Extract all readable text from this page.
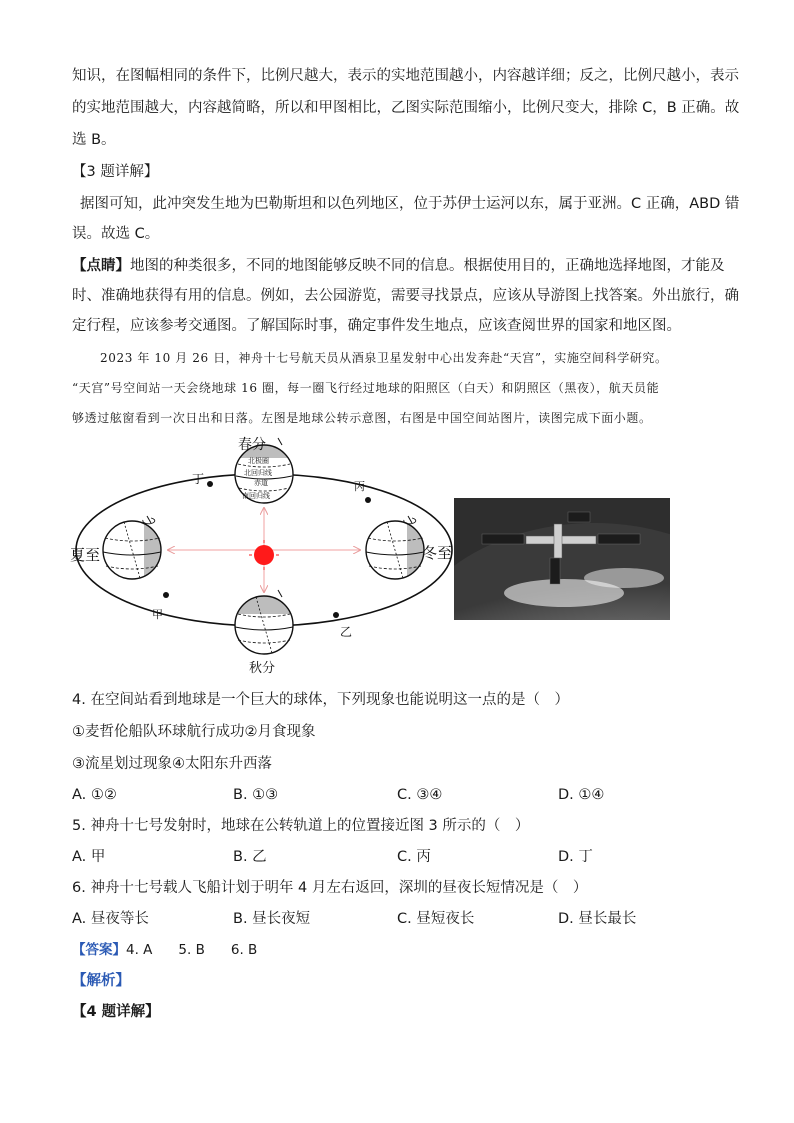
知识，在图幅相同的条件下，比例尺越大，表示的实地范围越小，内容越详细；反之，比例尺越小，表示
的实地范围越大，内容越简略，所以和甲图相比，乙图实际范围缩小，比例尺变大，排除 C，B 正确。故
选 B。
【3 题详解】
据图可知，此冲突发生地为巴勒斯坦和以色列地区，位于苏伊士运河以东，属于亚洲。C 正确，ABD 错
误。故选 C。
【点睛】地图的种类很多，不同的地图能够反映不同的信息。根据使用目的，正确地选择地图，才能及
时、准确地获得有用的信息。例如，去公园游览，需要寻找景点，应该从导游图上找答案。外出旅行，确
定行程，应该参考交通图。了解国际时事，确定事件发生地点，应该查阅世界的国家和地区图。
2023 年 10 月 26 日，神舟十七号航天员从酒泉卫星发射中心出发奔赴“天宫”，实施空间科学研究。
“天宫”号空间站一天会绕地球 16 圈，每一圈飞行经过地球的阳照区（白天）和阴照区（黑夜），航天员能
够透过舷窗看到一次日出和日落。左图是地球公转示意图，右图是中国空间站图片，读图完成下面小题。
北极圈
北回归线
赤道
南回归线
春分
夏至	冬至
秋分
丁
丙
甲
乙
4. 在空间站看到地球是一个巨大的球体，下列现象也能说明这一点的是（　）
①麦哲伦船队环球航行成功②月食现象
③流星划过现象④太阳东升西落
A. ①②	B. ①③	C. ③④	D. ①④
5. 神舟十七号发射时，地球在公转轨道上的位置接近图 3 所示的（　）
A. 甲	B. 乙	C. 丙	D. 丁
6. 神舟十七号载人飞船计划于明年 4 月左右返回，深圳的昼夜长短情况是（　）
A. 昼夜等长	B. 昼长夜短	C. 昼短夜长	D. 昼长最长
【答案】4. A 5. B 6. B
【解析】
【4 题详解】
